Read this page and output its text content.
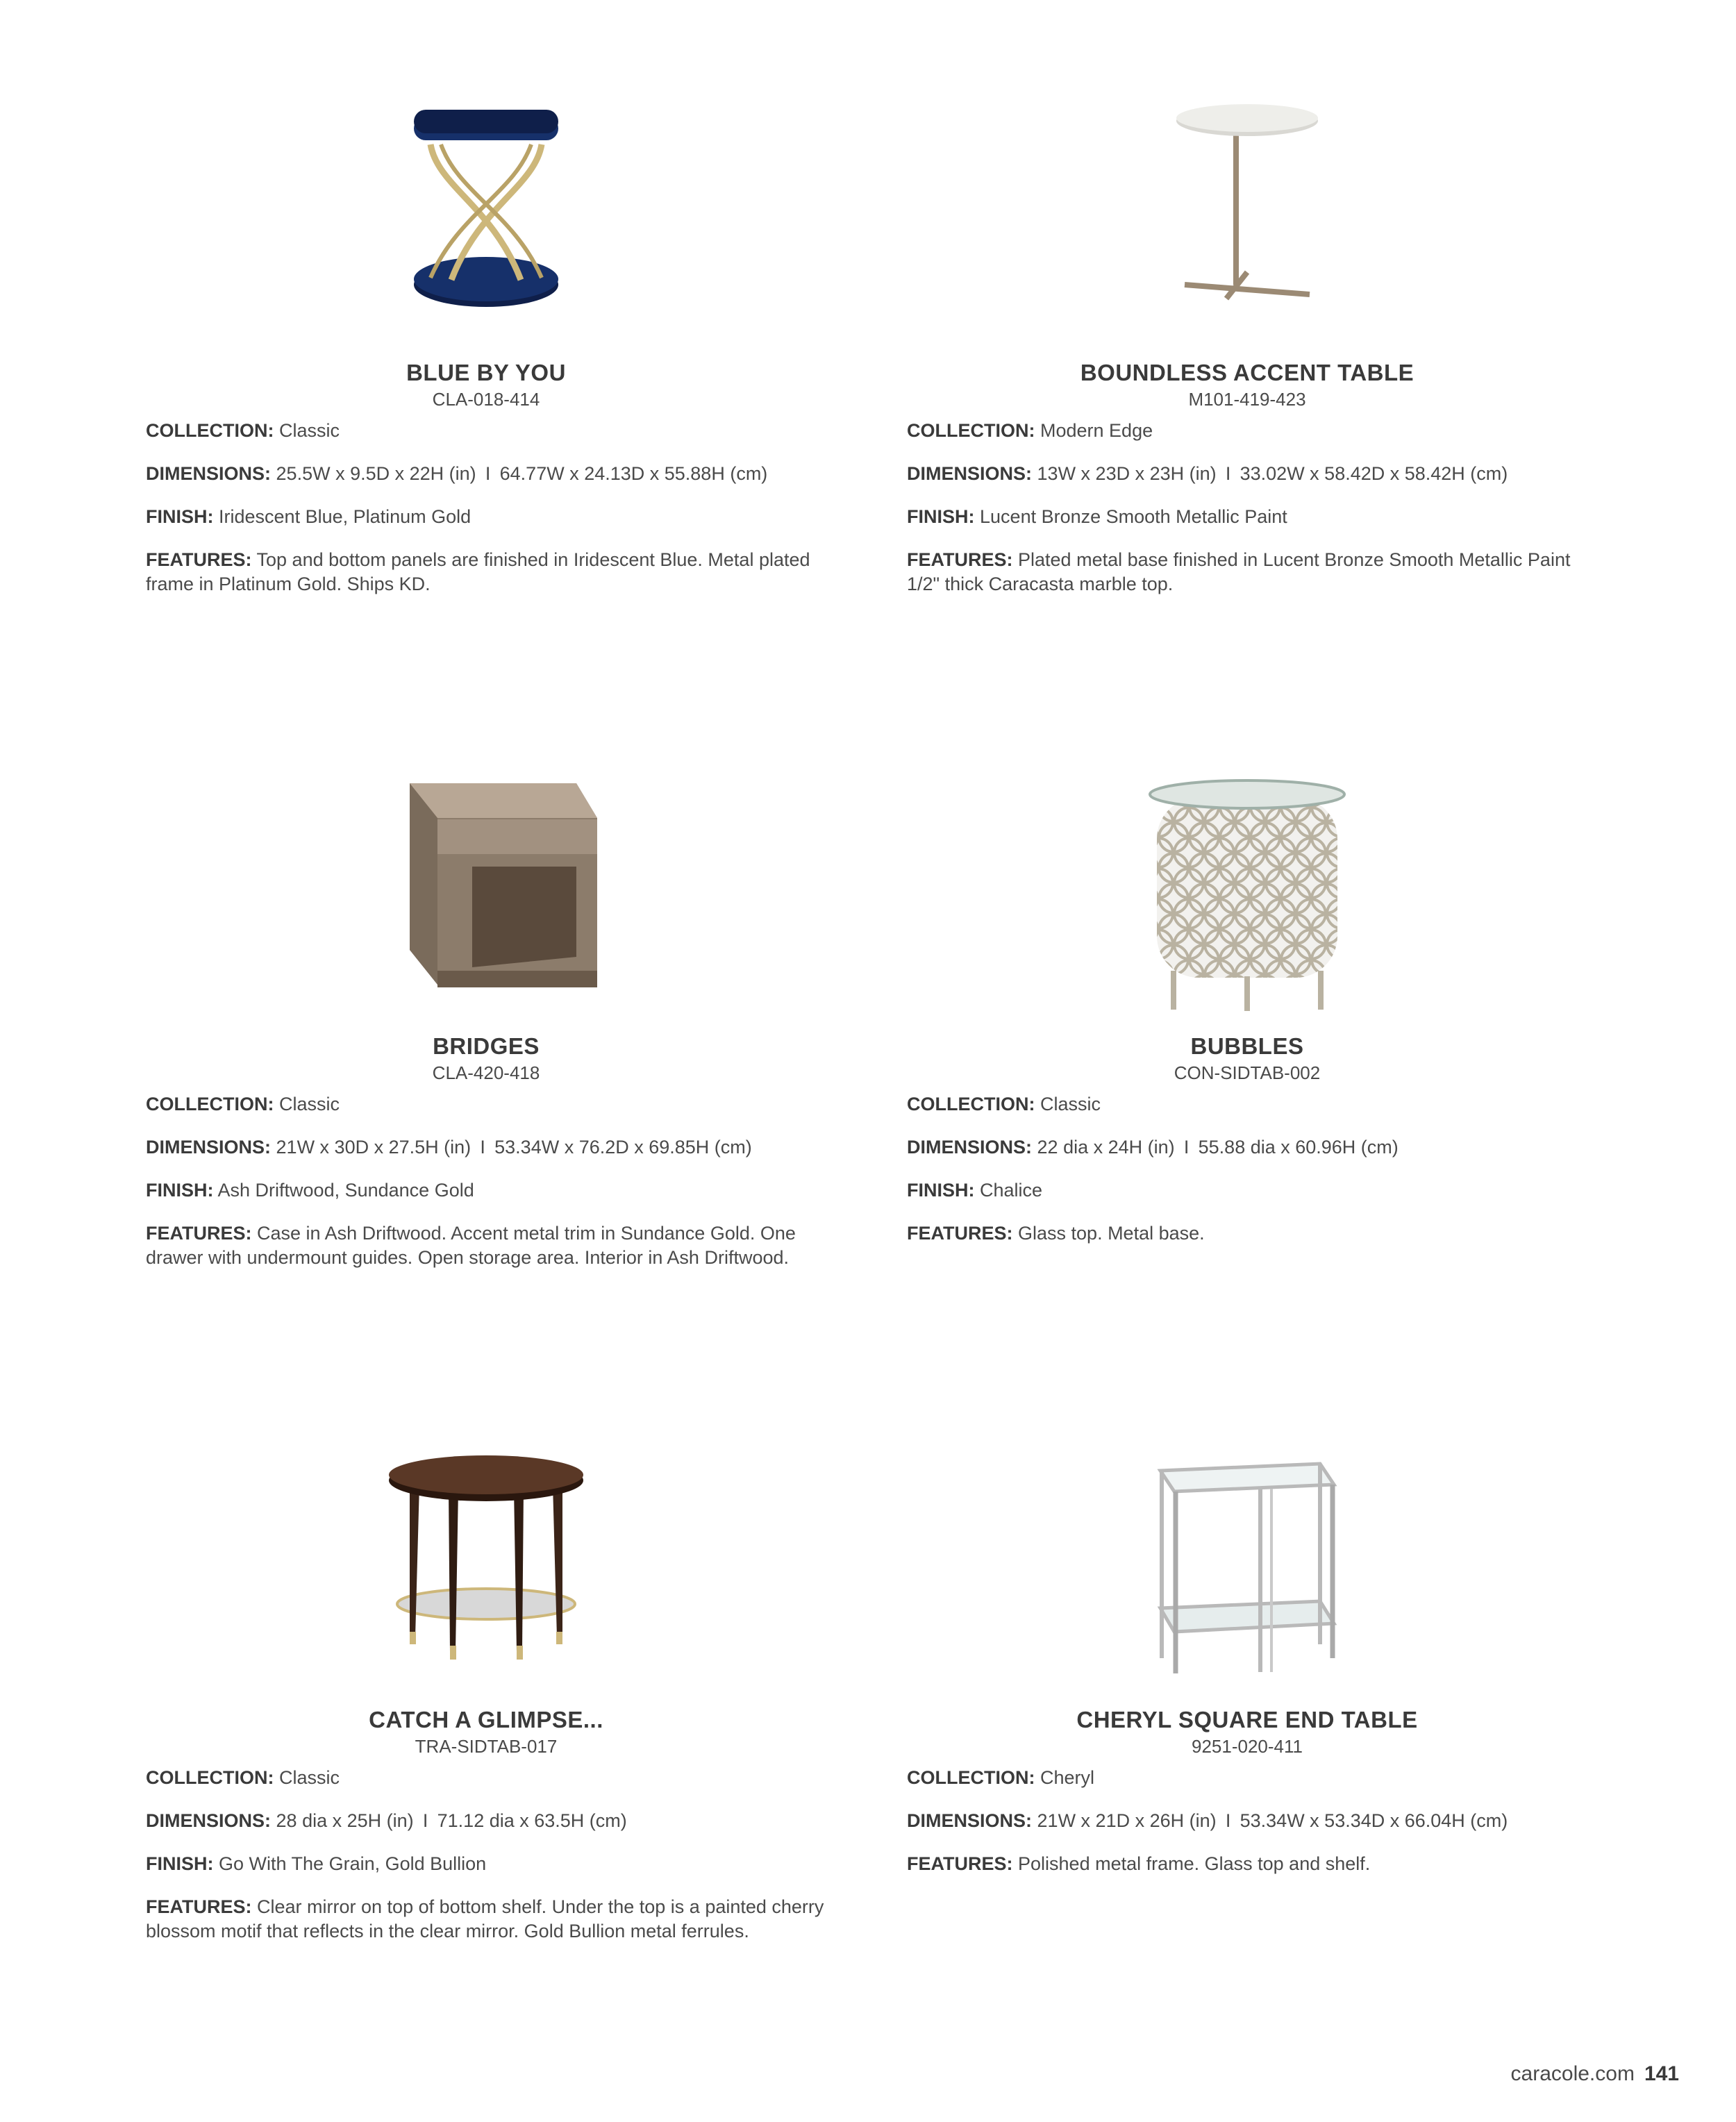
BLUE BY YOU
CLA-018-414

COLLECTION: Classic

DIMENSIONS: 25.5W x 9.5D x 22H (in) I 64.77W x 24.13D x 55.88H (cm)

FINISH: Iridescent Blue, Platinum Gold

FEATURES: Top and bottom panels are finished in Iridescent Blue. Metal plated frame in Platinum Gold. Ships KD.

BOUNDLESS ACCENT TABLE
M101-419-423

COLLECTION: Modern Edge

DIMENSIONS: 13W x 23D x 23H (in) I 33.02W x 58.42D x 58.42H (cm)

FINISH: Lucent Bronze Smooth Metallic Paint

FEATURES: Plated metal base finished in Lucent Bronze Smooth Metallic Paint 1/2" thick Caracasta marble top.

BRIDGES
CLA-420-418

COLLECTION: Classic

DIMENSIONS: 21W x 30D x 27.5H (in) I 53.34W x 76.2D x 69.85H (cm)

FINISH: Ash Driftwood, Sundance Gold

FEATURES: Case in Ash Driftwood. Accent metal trim in Sundance Gold. One drawer with undermount guides. Open storage area. Interior in Ash Driftwood.

BUBBLES
CON-SIDTAB-002

COLLECTION: Classic

DIMENSIONS: 22 dia x 24H (in) I 55.88 dia x 60.96H (cm)

FINISH: Chalice

FEATURES: Glass top. Metal base.

CATCH A GLIMPSE...
TRA-SIDTAB-017

COLLECTION: Classic

DIMENSIONS: 28 dia x 25H (in) I 71.12 dia x 63.5H (cm)

FINISH: Go With The Grain, Gold Bullion

FEATURES: Clear mirror on top of bottom shelf. Under the top is a painted cherry blossom motif that reflects in the clear mirror. Gold Bullion metal ferrules.

CHERYL SQUARE END TABLE
9251-020-411

COLLECTION: Cheryl

DIMENSIONS: 21W x 21D x 26H (in) I 53.34W x 53.34D x 66.04H (cm)

FEATURES: Polished metal frame. Glass top and shelf.

caracole.com 141
